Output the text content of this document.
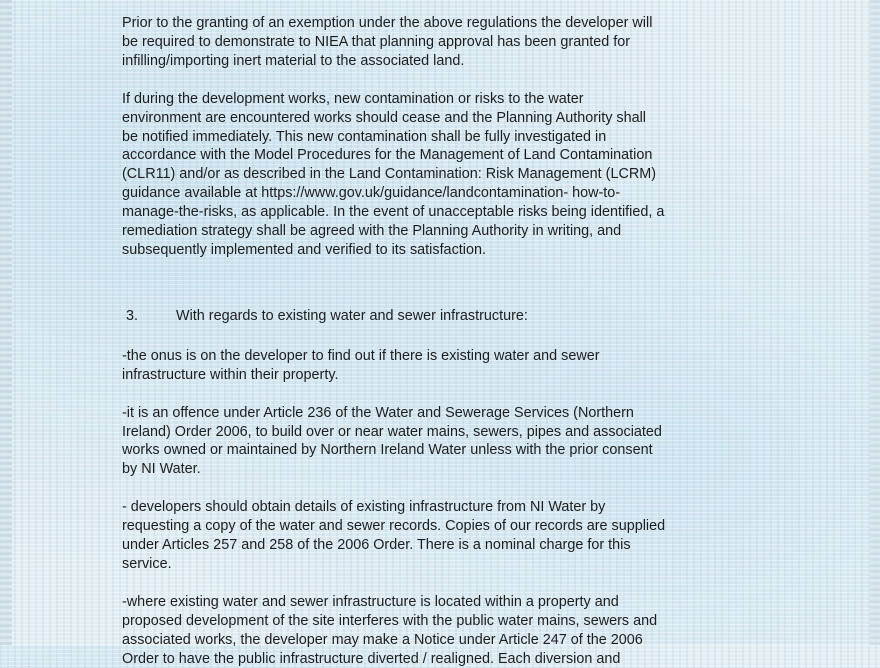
Prior to the granting of an exemption under the above regulations the developer will
be required to demonstrate to NIEA that planning approval has been granted for
infilling/importing inert material to the associated land.

If during the development works, new contamination or risks to the water
environment are encountered works should cease and the Planning Authority shall
be notified immediately. This new contamination shall be fully investigated in
accordance with the Model Procedures for the Management of Land Contamination
(CLR11) and/or as described in the Land Contamination: Risk Management (LCRM)
guidance available at https://www.gov.uk/guidance/landcontamination- how-to-
manage-the-risks, as applicable. In the event of unacceptable risks being identified, a
remediation strategy shall be agreed with the Planning Authority in writing, and
subsequently implemented and verified to its satisfaction.

3.	With regards to existing water and sewer infrastructure:

-the onus is on the developer to find out if there is existing water and sewer
infrastructure within their property.

-it is an offence under Article 236 of the Water and Sewerage Services (Northern
Ireland) Order 2006, to build over or near water mains, sewers, pipes and associated
works owned or maintained by Northern Ireland Water unless with the prior consent
by NI Water.

- developers should obtain details of existing infrastructure from NI Water by
requesting a copy of the water and sewer records. Copies of our records are supplied
under Articles 257 and 258 of the 2006 Order. There is a nominal charge for this
service.

-where existing water and sewer infrastructure is located within a property and
proposed development of the site interferes with the public water mains, sewers and
associated works, the developer may make a Notice under Article 247 of the 2006
Order to have the public infrastructure diverted / realigned. Each diversion and
